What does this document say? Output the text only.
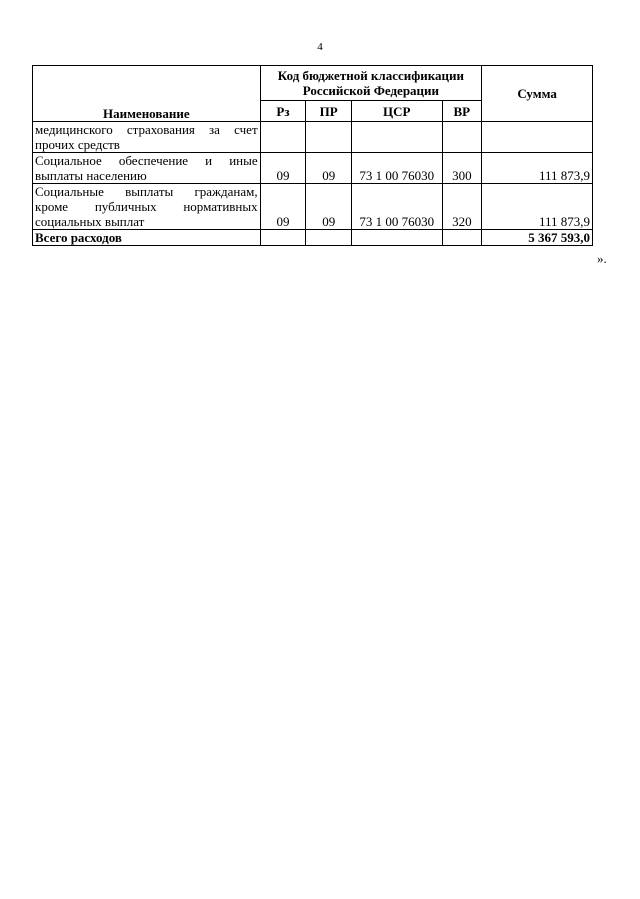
4
Наименование	Код бюджетной классификации Российской Федерации				Сумма
	Рз	ПР	ЦСР	ВР	
медицинского страхования за счет прочих средств					
Социальное обеспечение и иные выплаты населению	09	09	73 1 00 76030	300	111 873,9
Социальные выплаты гражданам, кроме публичных нормативных социальных выплат	09	09	73 1 00 76030	320	111 873,9
Всего расходов					5 367 593,0
».
